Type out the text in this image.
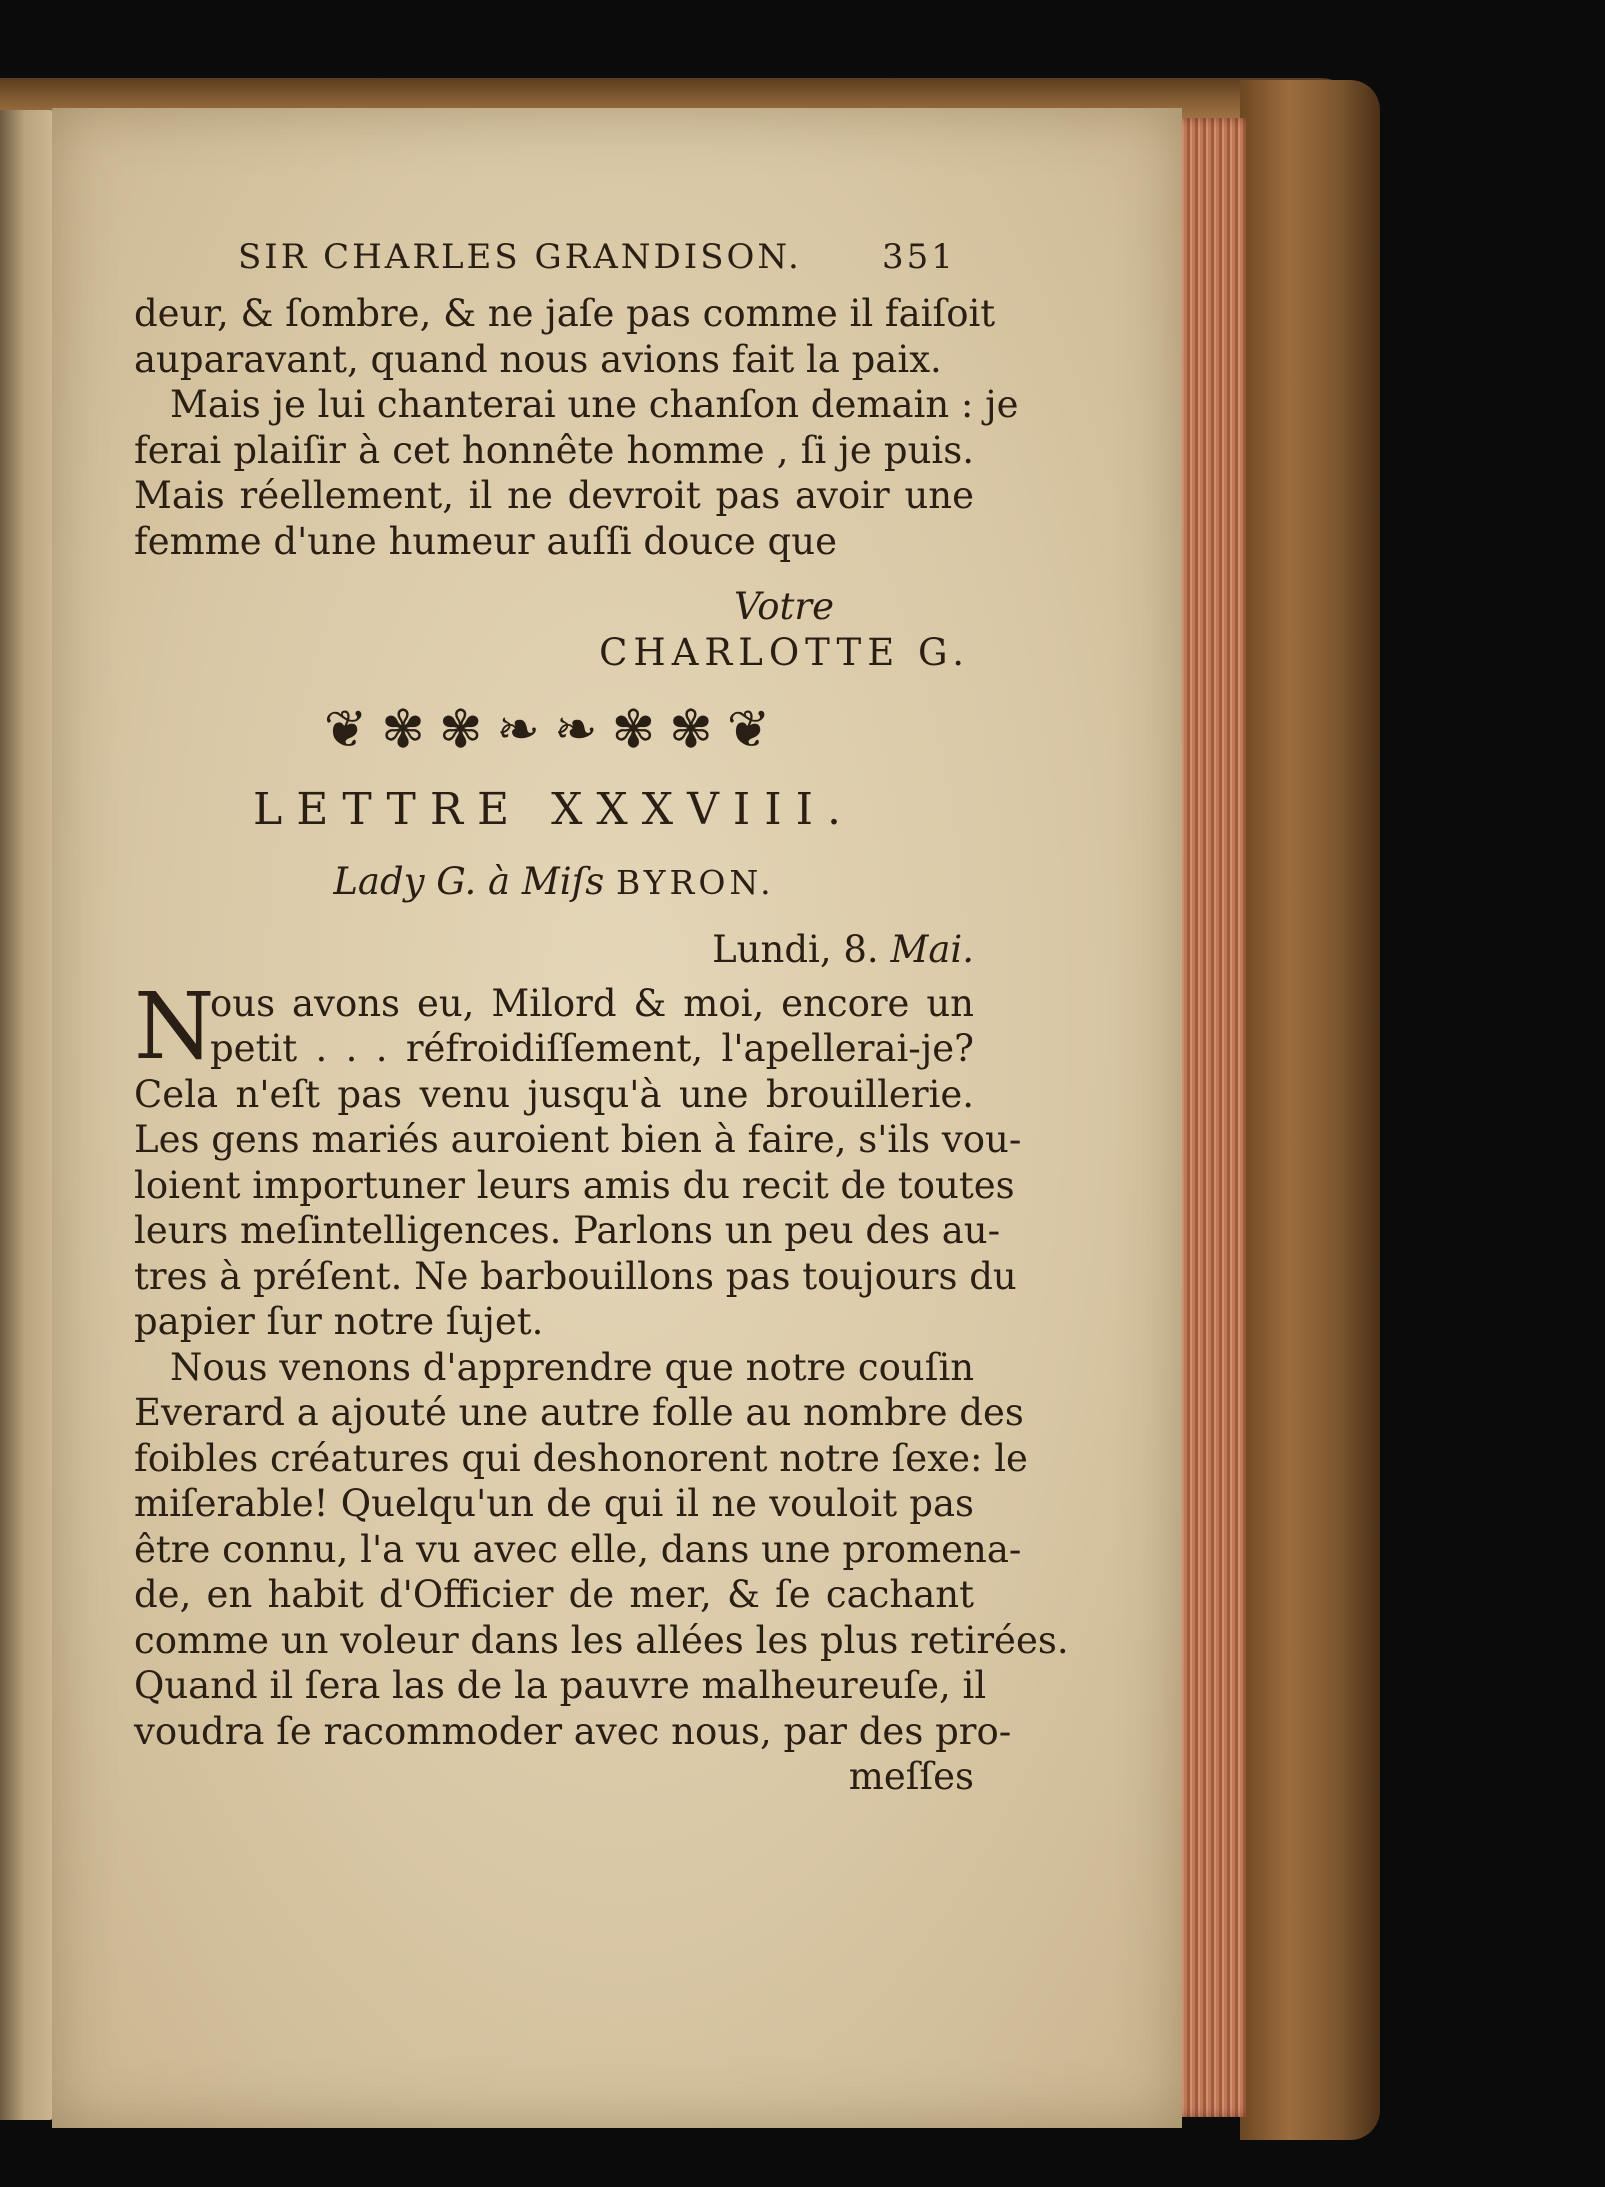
SIR CHARLES GRANDISON. 351
deur, & ſombre, & ne jaſe pas comme il faiſoit
auparavant, quand nous avions fait la paix.
Mais je lui chanterai une chanſon demain : je
ferai plaiſir à cet honnête homme , ſi je puis.
Mais réellement, il ne devroit pas avoir une
femme d'une humeur auſſi douce que
Votre
CHARLOTTE G.
❦✾✾❧❧✾✾❦
LETTRE XXXVIII.
Lady G. à Miſs BYRON.
Lundi, 8. Mai.
N
ous avons eu, Milord & moi, encore un
petit . . . réfroidiſſement, l'apellerai-je?
Cela n'eſt pas venu jusqu'à une brouillerie.
Les gens mariés auroient bien à faire, s'ils vou-
loient importuner leurs amis du recit de toutes
leurs meſintelligences. Parlons un peu des au-
tres à préſent. Ne barbouillons pas toujours du
papier ſur notre ſujet.
Nous venons d'apprendre que notre couſin
Everard a ajouté une autre folle au nombre des
foibles créatures qui deshonorent notre ſexe: le
miſerable! Quelqu'un de qui il ne vouloit pas
être connu, l'a vu avec elle, dans une promena-
de, en habit d'Officier de mer, & ſe cachant
comme un voleur dans les allées les plus retirées.
Quand il ſera las de la pauvre malheureuſe, il
voudra ſe racommoder avec nous, par des pro-
meſſes
